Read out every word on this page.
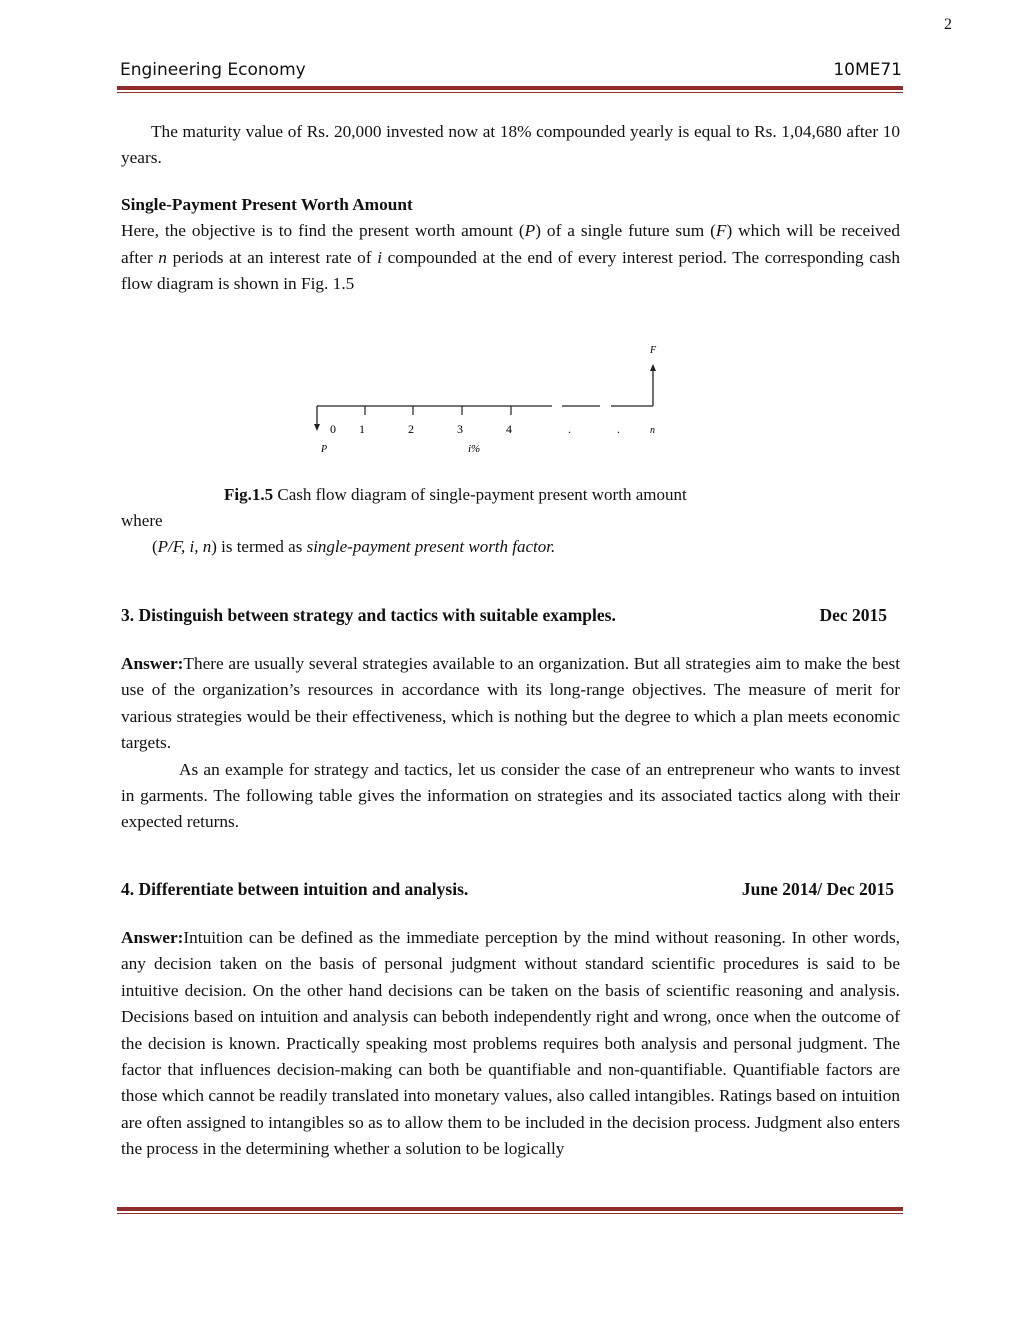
2
Engineering Economy	10ME71
The maturity value of Rs. 20,000 invested now at 18% compounded yearly is equal to Rs. 1,04,680 after 10 years.
Single-Payment Present Worth Amount
Here, the objective is to find the present worth amount (P) of a single future sum (F) which will be received after n periods at an interest rate of i compounded at the end of every interest period. The corresponding cash flow diagram is shown in Fig. 1.5
F
0 1	2	3	4	.	.	n
P	i%
Fig.1.5 Cash flow diagram of single-payment present worth amount
where
(P/F, i, n) is termed as single-payment present worth factor.
3. Distinguish between strategy and tactics with suitable examples.	Dec 2015
Answer:There are usually several strategies available to an organization. But all strategies aim to make the best use of the organization’s resources in accordance with its long-range objectives. The measure of merit for various strategies would be their effectiveness, which is nothing but the degree to which a plan meets economic targets.
As an example for strategy and tactics, let us consider the case of an entrepreneur who wants to invest in garments. The following table gives the information on strategies and its associated tactics along with their expected returns.
4. Differentiate between intuition and analysis.	June 2014/ Dec 2015
Answer:Intuition can be defined as the immediate perception by the mind without reasoning. In other words, any decision taken on the basis of personal judgment without standard scientific procedures is said to be intuitive decision. On the other hand decisions can be taken on the basis of scientific reasoning and analysis. Decisions based on intuition and analysis can beboth independently right and wrong, once when the outcome of the decision is known. Practically speaking most problems requires both analysis and personal judgment. The factor that influences decision-making can both be quantifiable and non-quantifiable. Quantifiable factors are those which cannot be readily translated into monetary values, also called intangibles. Ratings based on intuition are often assigned to intangibles so as to allow them to be included in the decision process. Judgment also enters the process in the determining whether a solution to be logically
